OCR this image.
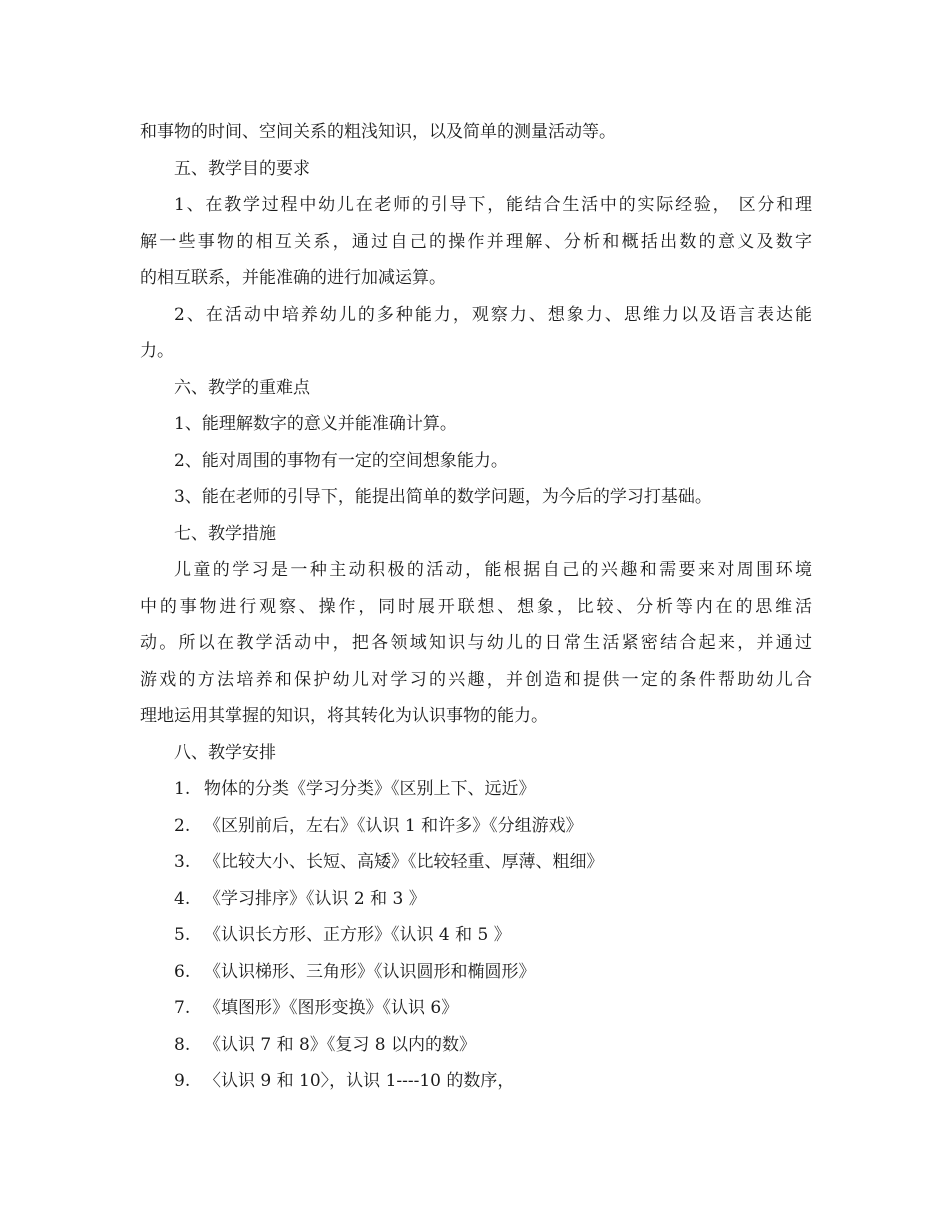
和事物的时间、空间关系的粗浅知识，以及简单的测量活动等。
五、教学目的要求
1、在教学过程中幼儿在老师的引导下，能结合生活中的实际经验， 区分和理
解一些事物的相互关系，通过自己的操作并理解、分析和概括出数的意义及数字
的相互联系，并能准确的进行加减运算。
2、在活动中培养幼儿的多种能力，观察力、想象力、思维力以及语言表达能
力。
六、教学的重难点
1、能理解数字的意义并能准确计算。
2、能对周围的事物有一定的空间想象能力。
3、能在老师的引导下，能提出简单的数学问题，为今后的学习打基础。
七、教学措施
儿童的学习是一种主动积极的活动，能根据自己的兴趣和需要来对周围环境
中的事物进行观察、操作，同时展开联想、想象，比较、分析等内在的思维活
动。所以在教学活动中，把各领域知识与幼儿的日常生活紧密结合起来，并通过
游戏的方法培养和保护幼儿对学习的兴趣，并创造和提供一定的条件帮助幼儿合
理地运用其掌握的知识，将其转化为认识事物的能力。
八、教学安排
1. 物体的分类《学习分类》《区别上下、远近》
2. 《区别前后，左右》《认识 1 和许多》《分组游戏》
3. 《比较大小、长短、高矮》《比较轻重、厚薄、粗细》
4. 《学习排序》《认识 2 和 3 》
5. 《认识长方形、正方形》《认识 4 和 5 》
6. 《认识梯形、三角形》《认识圆形和椭圆形》
7. 《填图形》《图形变换》《认识 6》
8. 《认识 7 和 8》《复习 8 以内的数》
9. 〈认识 9 和 10〉，认识 1----10 的数序，
